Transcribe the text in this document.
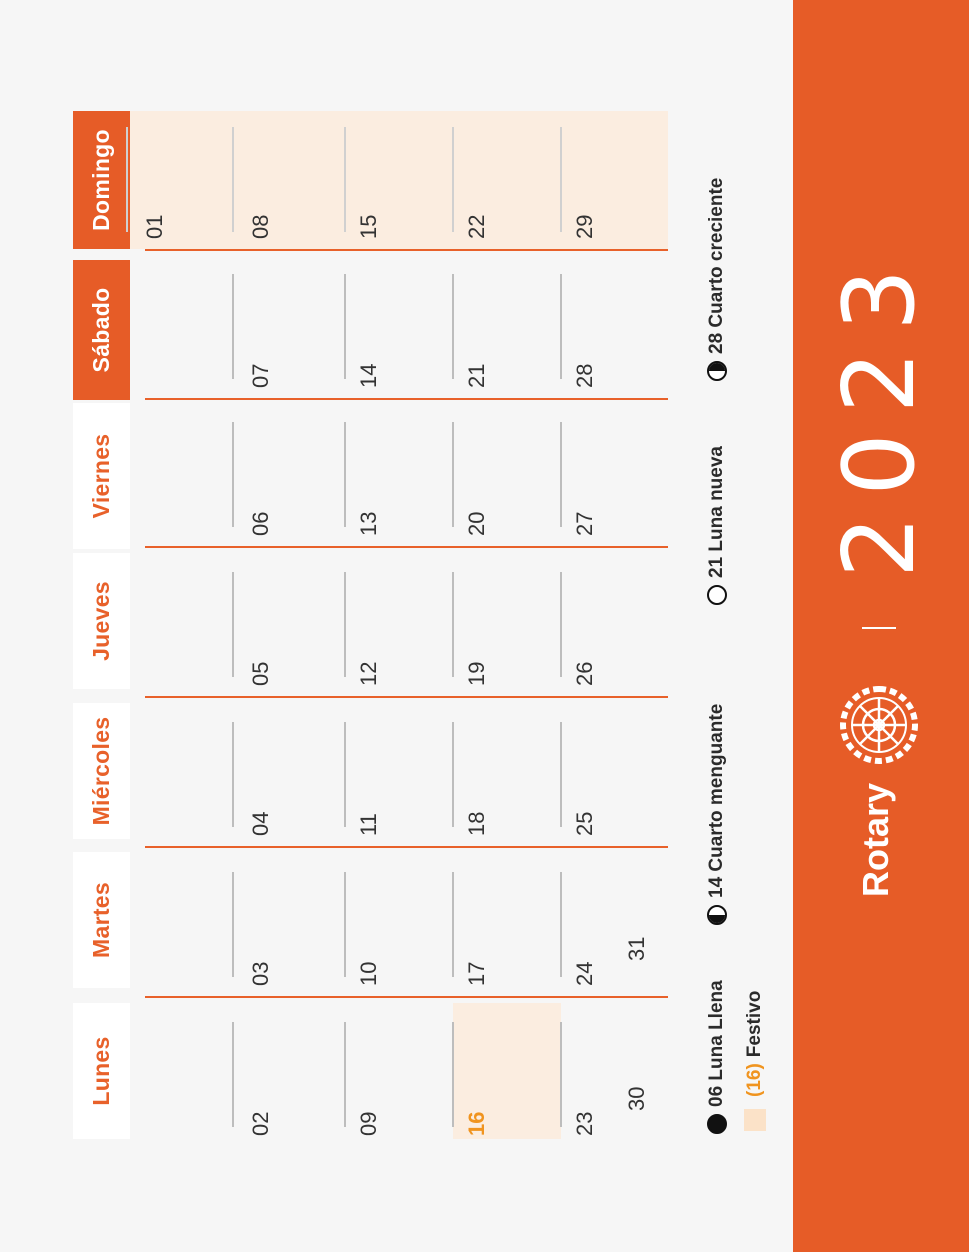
Lunes
Martes
Miércoles
Jueves
Viernes
Sábado
Domingo	01
02
03
04
05
06
07
08
09
10
11
12
13
14
15
16
17
18
19
20
21
22
23
24
25
26
27
28
29
30
31
06 Luna Llena
14 Cuarto menguante
21 Luna nueva
28 Cuarto creciente
(16)
Festivo
Rotary
2023
